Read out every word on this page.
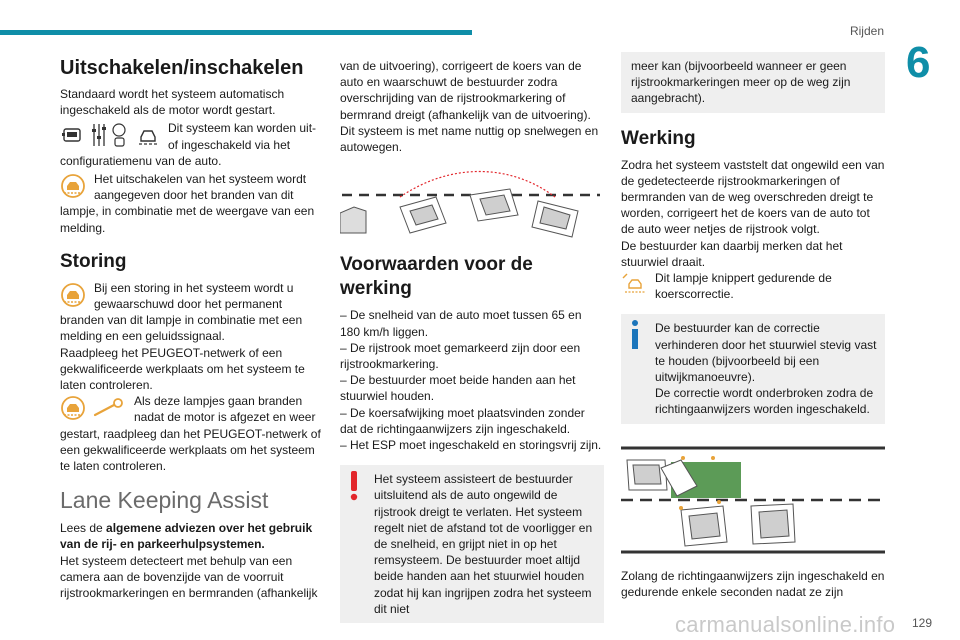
Rijden
6
Uitschakelen/inschakelen

Standaard wordt het systeem automatisch ingeschakeld als de motor wordt gestart.

Dit systeem kan worden uit- of ingeschakeld via het configuratiemenu van de auto.
Het uitschakelen van het systeem wordt aangegeven door het branden van dit lampje, in combinatie met de weergave van een melding.
Storing
Bij een storing in het systeem wordt u gewaarschuwd door het permanent branden van dit lampje in combinatie met een melding en een geluidssignaal.

Raadpleeg het PEUGEOT-netwerk of een gekwalificeerde werkplaats om het systeem te laten controleren.

Als deze lampjes gaan branden nadat de motor is afgezet en weer gestart, raadpleeg dan het PEUGEOT-netwerk of een gekwalificeerde werkplaats om het systeem te laten controleren.
Lane Keeping Assist

Lees de algemene adviezen over het gebruik van de rij- en parkeerhulpsystemen.

Het systeem detecteert met behulp van een camera aan de bovenzijde van de voorruit rijstrookmarkeringen en bermranden (afhankelijk

van de uitvoering), corrigeert de koers van de auto en waarschuwt de bestuurder zodra overschrijding van de rijstrookmarkering of bermrand dreigt (afhankelijk van de uitvoering).

Dit systeem is met name nuttig op snelwegen en autowegen.

Voorwaarden voor de werking

– De snelheid van de auto moet tussen 65 en 180 km/h liggen.

– De rijstrook moet gemarkeerd zijn door een rijstrookmarkering.

– De bestuurder moet beide handen aan het stuurwiel houden.

– De koersafwijking moet plaatsvinden zonder dat de richtingaanwijzers zijn ingeschakeld.

– Het ESP moet ingeschakeld en storingsvrij zijn.

Het systeem assisteert de bestuurder uitsluitend als de auto ongewild de rijstrook dreigt te verlaten. Het systeem regelt niet de afstand tot de voorligger en de snelheid, en grijpt niet in op het remsysteem. De bestuurder moet altijd beide handen aan het stuurwiel houden zodat hij kan ingrijpen zodra het systeem dit niet
meer kan (bijvoorbeeld wanneer er geen rijstrookmarkeringen meer op de weg zijn aangebracht).
Werking

Zodra het systeem vaststelt dat ongewild een van de gedetecteerde rijstrookmarkeringen of bermranden van de weg overschreden dreigt te worden, corrigeert het de koers van de auto tot de auto weer netjes de rijstrook volgt.

De bestuurder kan daarbij merken dat het stuurwiel draait.

Dit lampje knippert gedurende de koerscorrectie.
De bestuurder kan de correctie verhinderen door het stuurwiel stevig vast te houden (bijvoorbeeld bij een uitwijkmanoeuvre).
De correctie wordt onderbroken zodra de richtingaanwijzers worden ingeschakeld.

Zolang de richtingaanwijzers zijn ingeschakeld en gedurende enkele seconden nadat ze zijn

carmanualsonline.info 129
